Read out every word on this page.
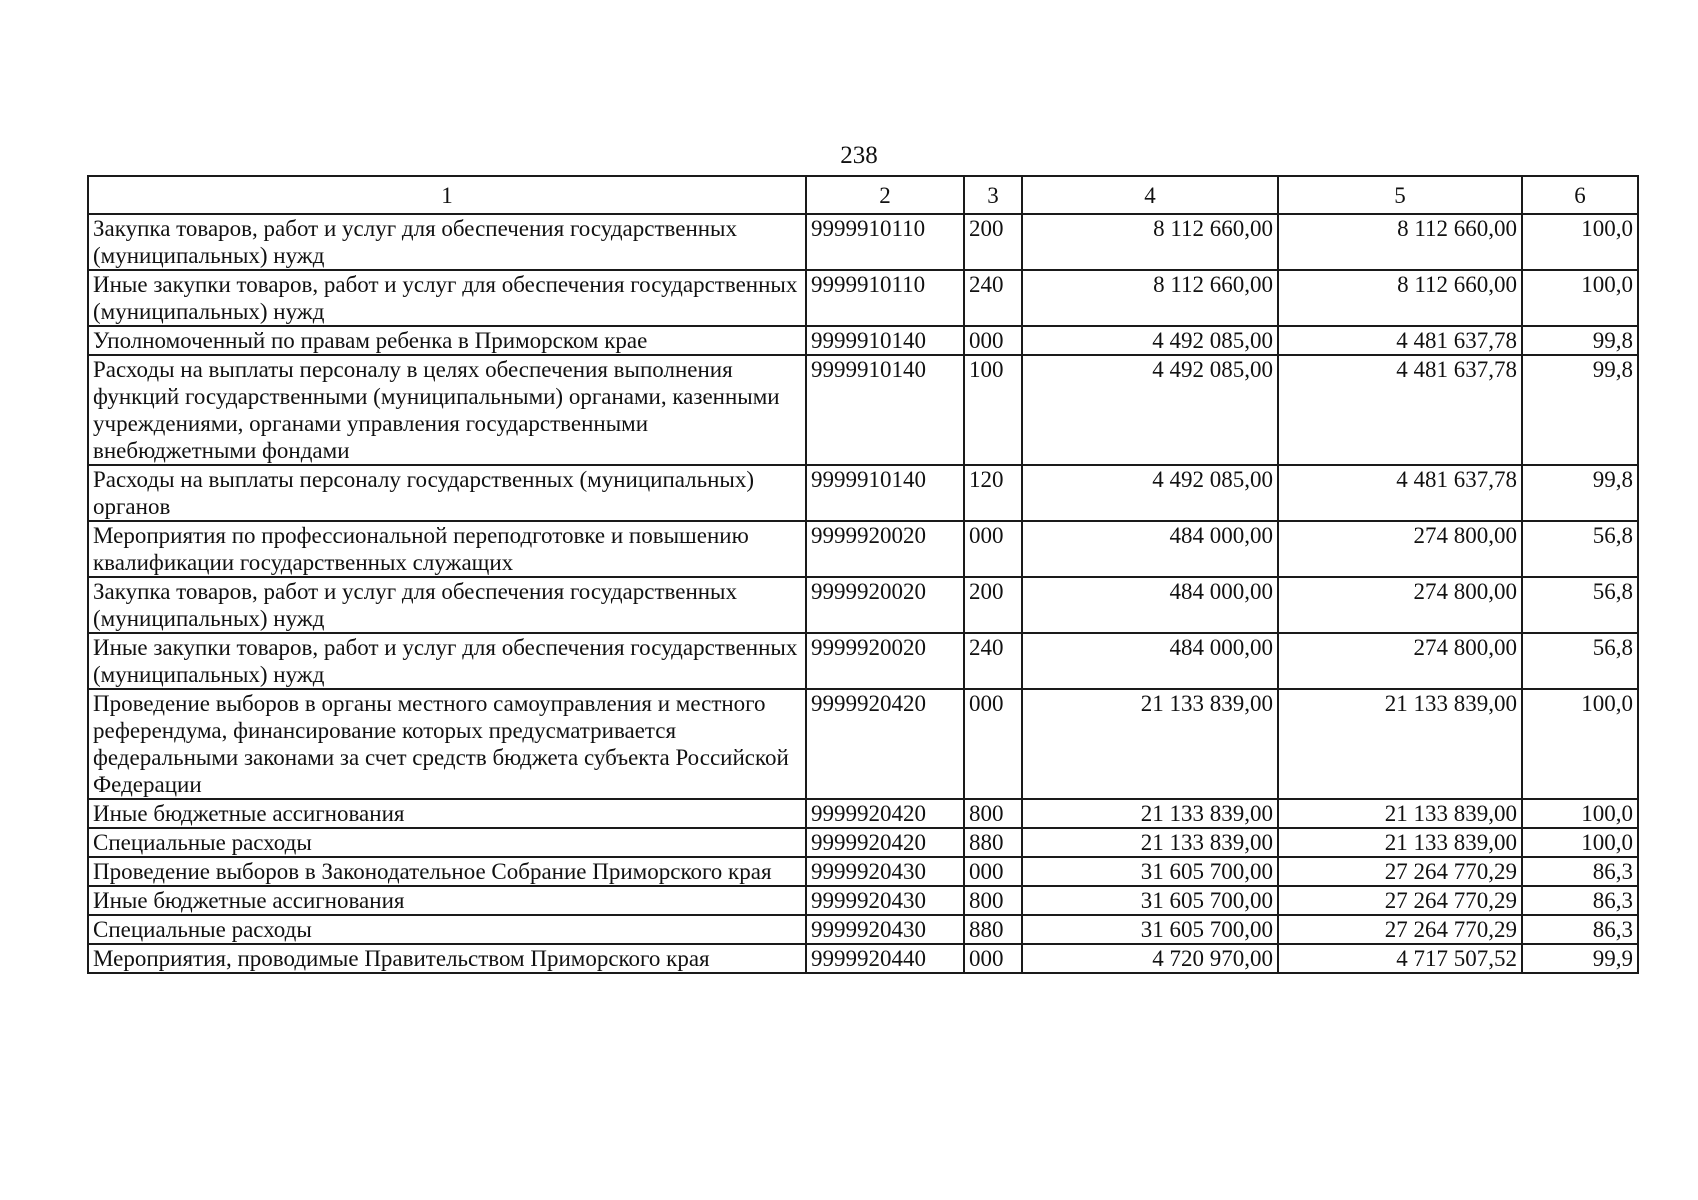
238
1	2	3	4	5	6
Закупка товаров, работ и услуг для обеспечения государственных (муниципальных) нужд	9999910110	200	8 112 660,00	8 112 660,00	100,0
Иные закупки товаров, работ и услуг для обеспечения государственных (муниципальных) нужд	9999910110	240	8 112 660,00	8 112 660,00	100,0
Уполномоченный по правам ребенка в Приморском крае	9999910140	000	4 492 085,00	4 481 637,78	99,8
Расходы на выплаты персоналу в целях обеспечения выполнения функций государственными (муниципальными) органами, казенными учреждениями, органами управления государственными внебюджетными фондами	9999910140	100	4 492 085,00	4 481 637,78	99,8
Расходы на выплаты персоналу государственных (муниципальных) органов	9999910140	120	4 492 085,00	4 481 637,78	99,8
Мероприятия по профессиональной переподготовке и повышению квалификации государственных служащих	9999920020	000	484 000,00	274 800,00	56,8
Закупка товаров, работ и услуг для обеспечения государственных (муниципальных) нужд	9999920020	200	484 000,00	274 800,00	56,8
Иные закупки товаров, работ и услуг для обеспечения государственных (муниципальных) нужд	9999920020	240	484 000,00	274 800,00	56,8
Проведение выборов в органы местного самоуправления и местного референдума, финансирование которых предусматривается федеральными законами за счет средств бюджета субъекта Российской Федерации	9999920420	000	21 133 839,00	21 133 839,00	100,0
Иные бюджетные ассигнования	9999920420	800	21 133 839,00	21 133 839,00	100,0
Специальные расходы	9999920420	880	21 133 839,00	21 133 839,00	100,0
Проведение выборов в Законодательное Собрание Приморского края	9999920430	000	31 605 700,00	27 264 770,29	86,3
Иные бюджетные ассигнования	9999920430	800	31 605 700,00	27 264 770,29	86,3
Специальные расходы	9999920430	880	31 605 700,00	27 264 770,29	86,3
Мероприятия, проводимые Правительством Приморского края	9999920440	000	4 720 970,00	4 717 507,52	99,9
